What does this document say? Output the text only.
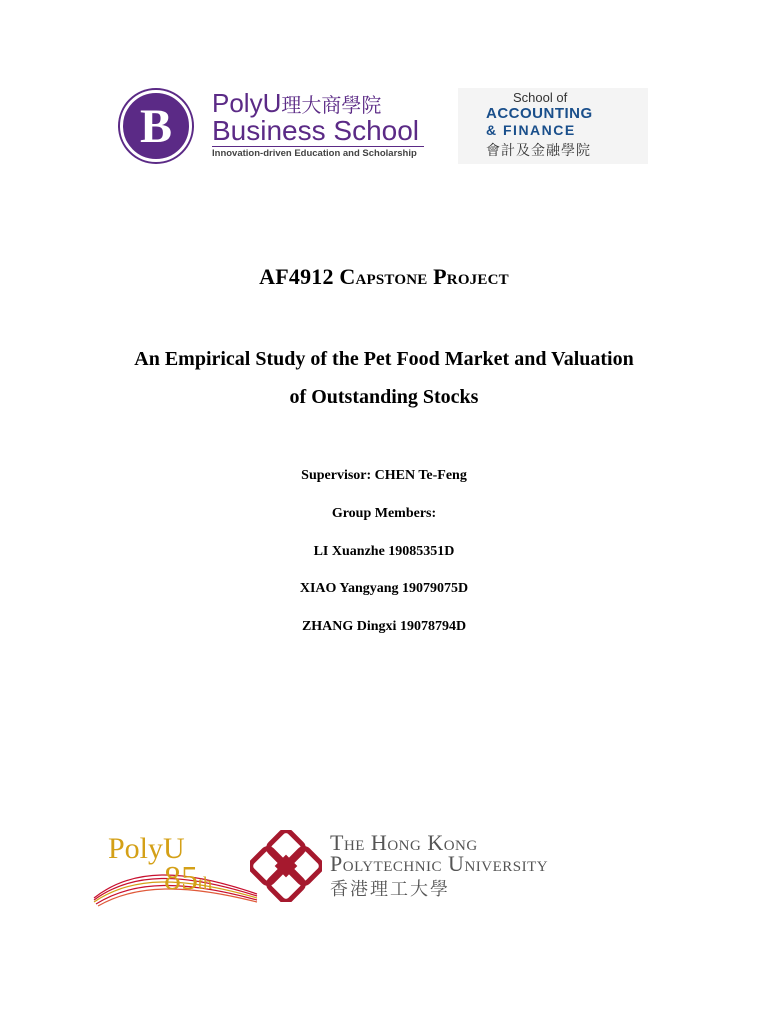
B	PolyU理大商學院
Business School
Innovation-driven Education and Scholarship
School of
ACCOUNTING
& FINANCE
會計及金融學院
AF4912 Capstone Project
An Empirical Study of the Pet Food Market and Valuation
of Outstanding Stocks
Supervisor: CHEN Te-Feng
Group Members:
LI Xuanzhe 19085351D
XIAO Yangyang 19079075D
ZHANG Dingxi 19078794D
PolyU
85th
The Hong Kong
Polytechnic University
香港理工大學
